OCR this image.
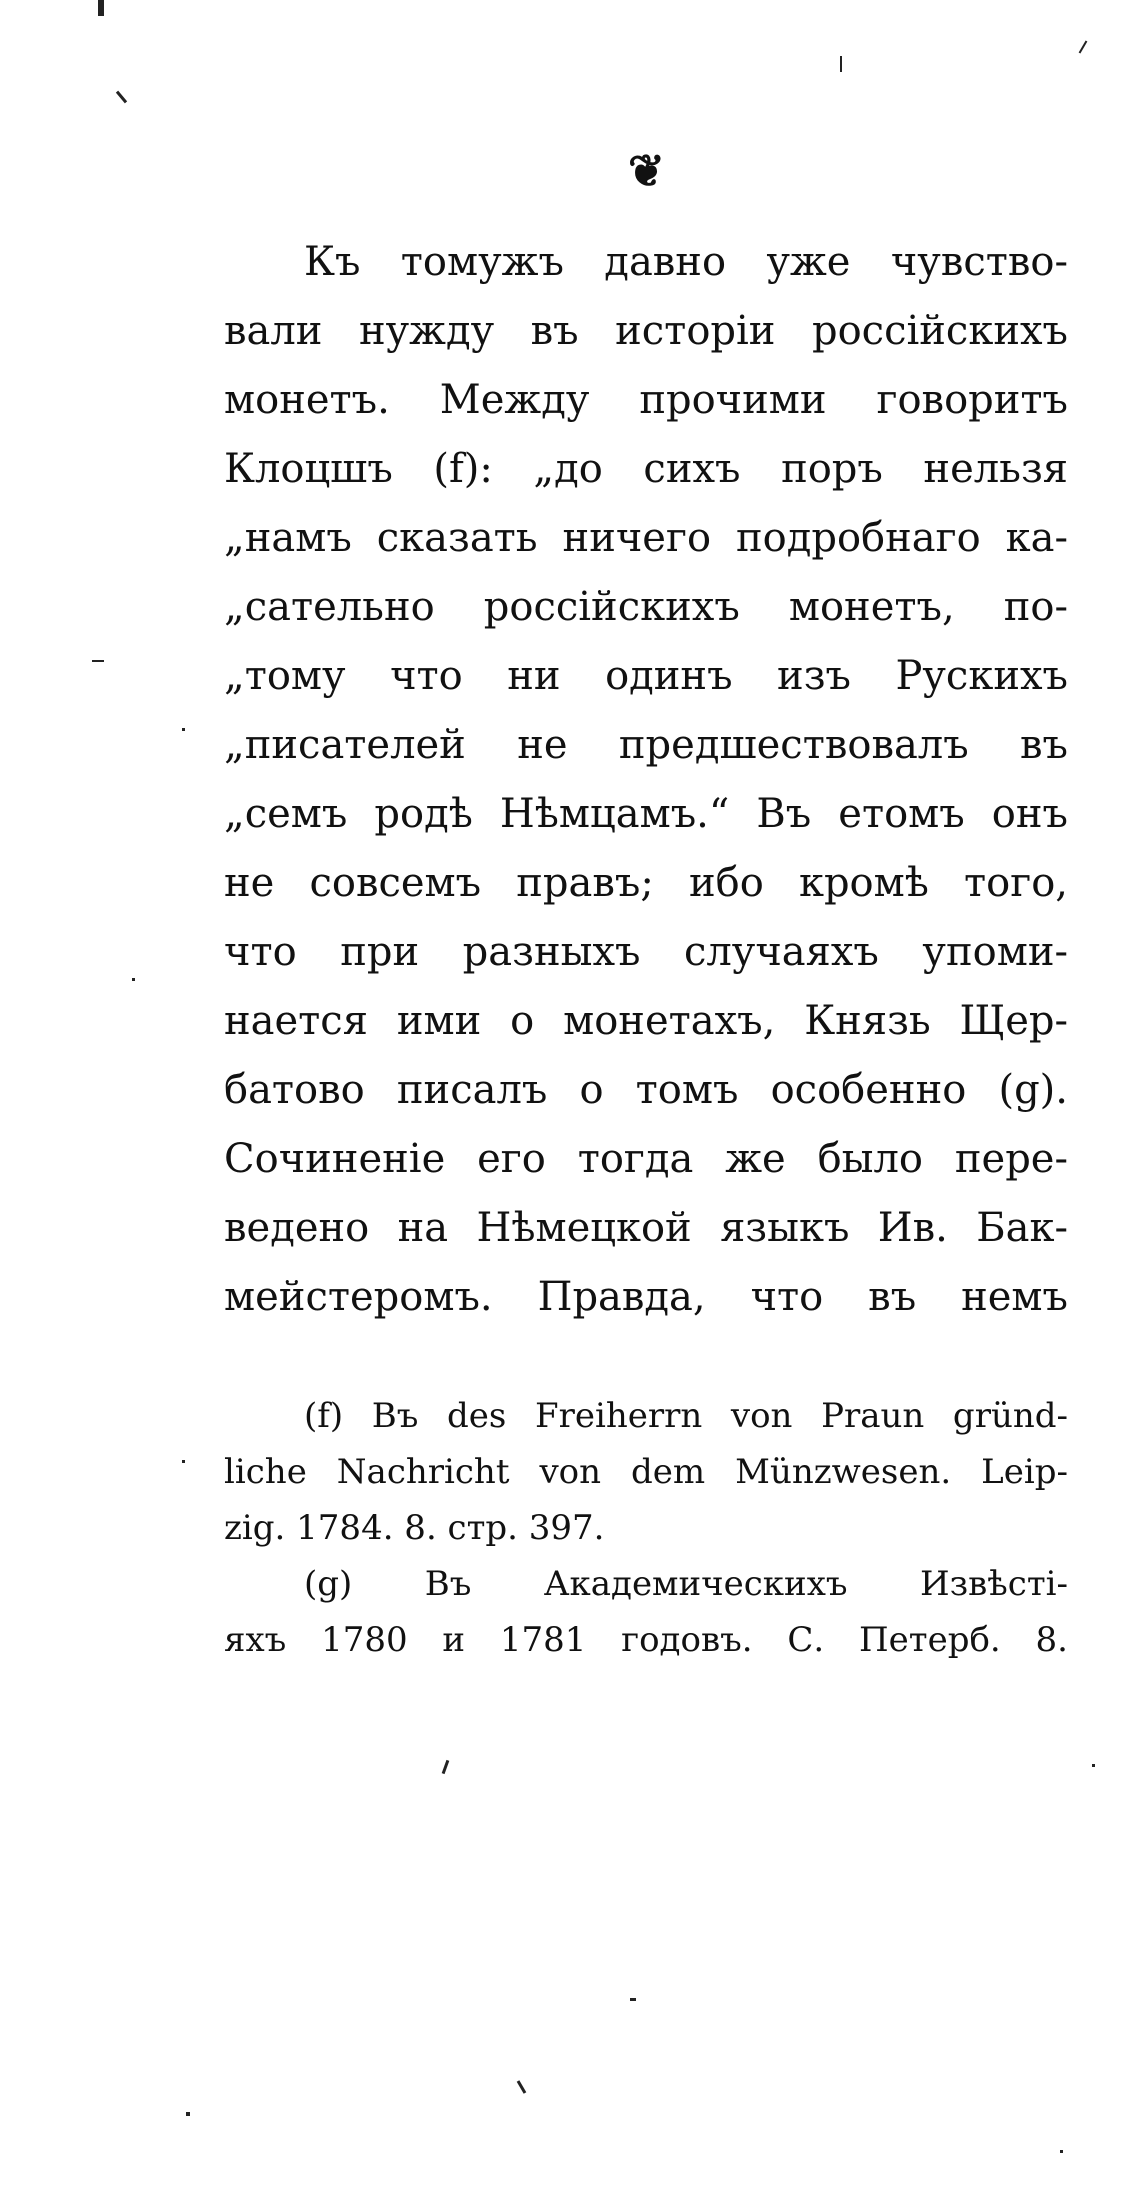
❦
Къ томужъ давно уже чувство-
вали нужду въ исторіи россійскихъ
монетъ. Между прочими говоритъ
Клоцшъ (f): „до сихъ поръ нельзя
„намъ сказать ничего подробнаго ка-
„сательно россійскихъ монетъ, по-
„тому что ни одинъ изъ Рускихъ
„писателей не предшествовалъ въ
„семъ родѣ Нѣмцамъ.“ Въ етомъ онъ
не совсемъ правъ; ибо кромѣ того,
что при разныхъ случаяхъ упоми-
нается ими о монетахъ, Князь Щер-
батово писалъ о томъ особенно (g).
Сочиненіе его тогда же было пере-
ведено на Нѣмецкой языкъ Ив. Бак-
мейстеромъ. Правда, что въ немъ
(f) Въ des Freiherrn von Praun gründ-
liche Nachricht von dem Münzwesen. Leip-
zig. 1784. 8. стр. 397.
(g) Въ Академическихъ Извѣсті-
яхъ 1780 и 1781 годовъ. С. Петерб. 8.
